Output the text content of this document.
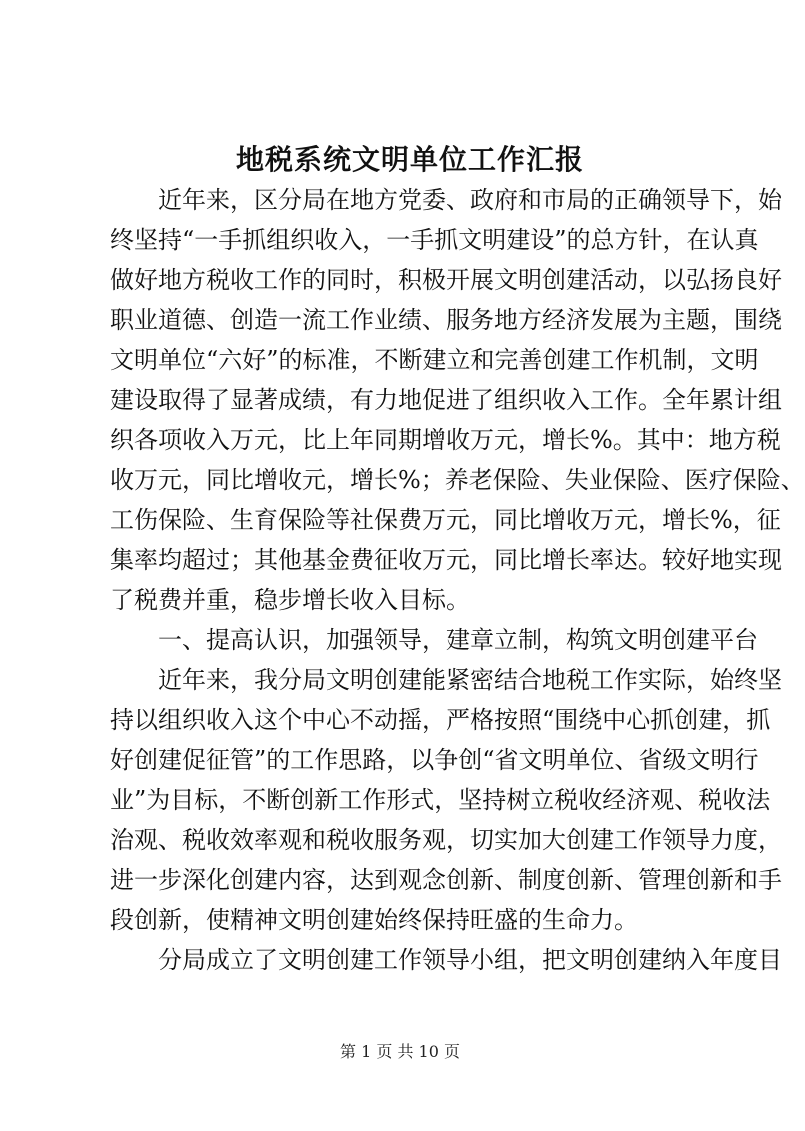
地税系统文明单位工作汇报
近年来，区分局在地方党委、政府和市局的正确领导下，始
终坚持“一手抓组织收入，一手抓文明建设”的总方针，在认真
做好地方税收工作的同时，积极开展文明创建活动，以弘扬良好
职业道德、创造一流工作业绩、服务地方经济发展为主题，围绕
文明单位“六好”的标准，不断建立和完善创建工作机制，文明
建设取得了显著成绩，有力地促进了组织收入工作。全年累计组
织各项收入万元，比上年同期增收万元，增长%。其中：地方税
收万元，同比增收元，增长%；养老保险、失业保险、医疗保险、
工伤保险、生育保险等社保费万元，同比增收万元，增长%，征
集率均超过；其他基金费征收万元，同比增长率达。较好地实现
了税费并重，稳步增长收入目标。
一、提高认识，加强领导，建章立制，构筑文明创建平台
近年来，我分局文明创建能紧密结合地税工作实际，始终坚
持以组织收入这个中心不动摇，严格按照“围绕中心抓创建，抓
好创建促征管”的工作思路，以争创“省文明单位、省级文明行
业”为目标，不断创新工作形式，坚持树立税收经济观、税收法
治观、税收效率观和税收服务观，切实加大创建工作领导力度，
进一步深化创建内容，达到观念创新、制度创新、管理创新和手
段创新，使精神文明创建始终保持旺盛的生命力。
分局成立了文明创建工作领导小组，把文明创建纳入年度目
第 1 页 共 10 页
